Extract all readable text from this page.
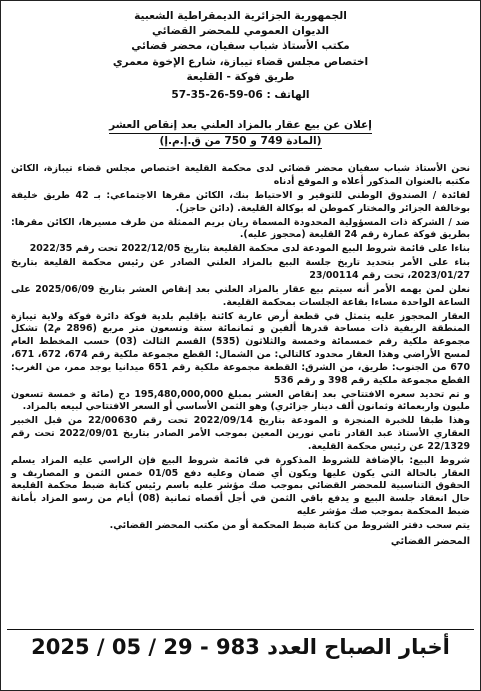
الجمهورية الجزائرية الديمقراطية الشعبية
الديوان العمومي للمحضر القضائي
مكتب الأستاذ شباب سفيان، محضر قضائي
اختصاص مجلس قضاء تيبازة، شارع الإخوة معمري
طريق فوكة - القليعة
الهاتف : 06-59-26-35-57
إعلان عن بيع عقار بالمزاد العلني بعد إنقاص العشر
(المادة 749 و 750 من ق.إ.م.إ)

نحن الأستاذ شباب سفيان محضر قضائي لدى محكمة القليعة اختصاص مجلس قضاء تيبازة، الكائن مكتبه بالعنوان المذكور أعلاه و الموقع أدناه

لفائدة / الصندوق الوطني للتوفير و الاحتياط بنك، الكائن مقرها الاجتماعي: بـ 42 طريق خليفة بوخالفة الجزائر والمختار كموطن له بوكالة القليعة. (دائن حاجز).

ضد / الشركة ذات المسؤولية المحدودة المسماة ريان بريم الممثلة من طرف مسيرها، الكائن مقرها: بطريق فوكة عمارة رقم 24 القليعة (محجوز عليه).

بناءا على قائمة شروط البيع المودعة لدى محكمة القليعة بتاريخ 2022/12/05 تحت رقم 2022/35

بناء على الأمر بتحديد تاريخ جلسة البيع بالمزاد العلني الصادر عن رئيس محكمة القليعة بتاريخ 2023/01/27، تحت رقم 23/00114

نعلن لمن يهمه الأمر أنه سيتم بيع عقار بالمزاد العلني بعد إنقاص العشر بتاريخ 2025/06/09 على الساعة الواحدة مساءا بقاعة الجلسات بمحكمة القليعة.

العقار المحجوز عليه يتمثل في قطعة أرض عارية كائنة بإقليم بلدية فوكة دائرة فوكة ولاية تيبازة المنطقة الريفية ذات مساحة قدرها ألفين و ثمانمائة ستة وتسعون متر مربع (2896 م2) تشكل مجموعة ملكية رقم خمسمائة وخمسة والثلاثون (535) القسم الثالث (03) حسب المخطط العام لمسح الأراضي وهذا العقار محدود كالتالي: من الشمال: القطع مجموعة ملكية رقم 674، 672، 671، 670 من الجنوب: طريق، من الشرق: القطعة مجموعة ملكية رقم 651 ميدانيا يوجد ممر، من الغرب: القطع مجموعة ملكية رقم 398 و رقم 536

و تم تحديد سعره الافتتاحي بعد إنقاص العشر بمبلغ 195,480,000,000 دج (مائة و خمسة تسعون مليون واربعمائة وثمانون ألف دينار جزائري) وهو الثمن الأساسي أو السعر الافتتاحي لبيعه بالمزاد.

وهذا طبقا للخبرة المنجزة و المودعة بتاريخ 2022/09/14 تحت رقم 22/00630 من قبل الخبير العقاري الأستاذ عبد القادر تامي نورين المعين بموجب الأمر الصادر بتاريخ 2022/09/01 تحت رقم 22/1329 عن رئيس محكمة القليعة.

شروط البيع: بالإضافة للشروط المذكورة في قائمة شروط البيع فإن الراسي عليه المزاد يسلم العقار بالحالة التي يكون عليها ويكون أي ضمان وعليه دفع 01/05 خمس الثمن و المصاريف و الحقوق التناسبية للمحضر القضائي بموجب صك مؤشر عليه باسم رئيس كتابة ضبط محكمة القليعة حال انعقاد جلسة البيع و يدفع باقي الثمن في أجل أقصاه ثمانية (08) أيام من رسو المزاد بأمانة ضبط المحكمة بموجب صك مؤشر عليه

يتم سحب دفتر الشروط من كتابة ضبط المحكمة أو من مكتب المحضر القضائي.

المحضر القضائي
أخبار الصباح العدد 983 - 29 / 05 / 2025
